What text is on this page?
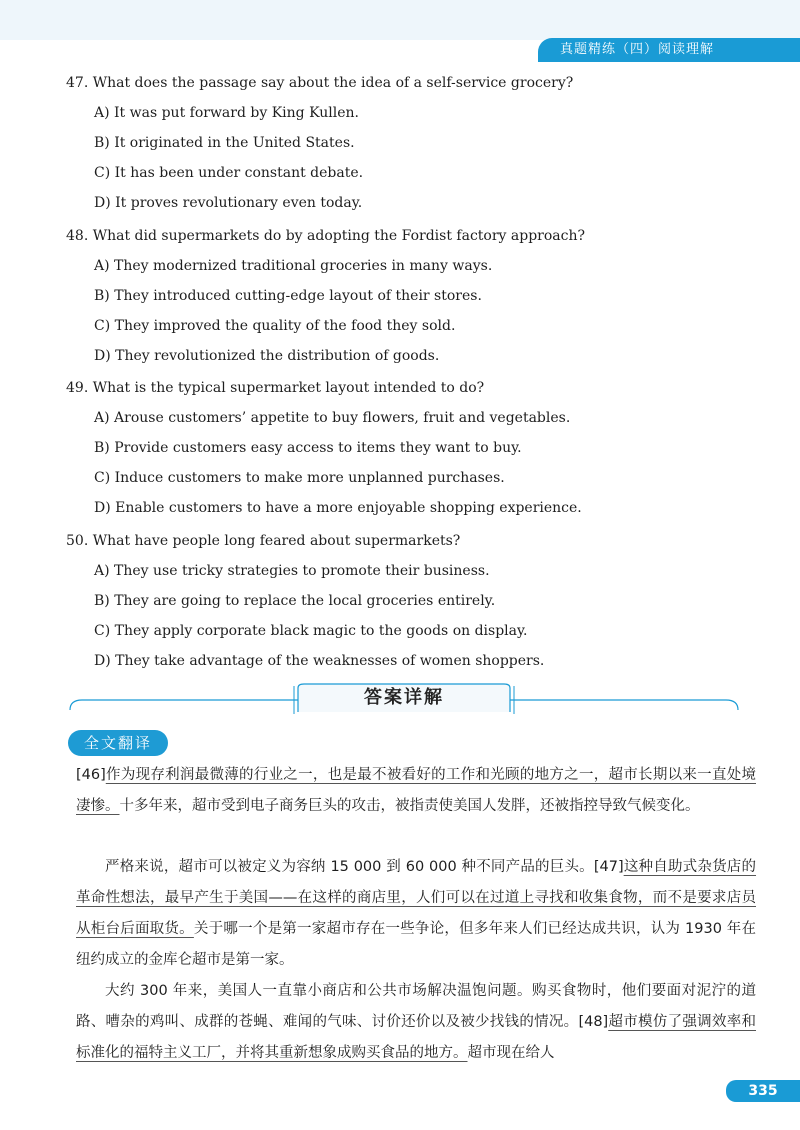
真题精练（四）阅读理解
47. What does the passage say about the idea of a self-service grocery?
A) It was put forward by King Kullen.
B) It originated in the United States.
C) It has been under constant debate.
D) It proves revolutionary even today.
48. What did supermarkets do by adopting the Fordist factory approach?
A) They modernized traditional groceries in many ways.
B) They introduced cutting-edge layout of their stores.
C) They improved the quality of the food they sold.
D) They revolutionized the distribution of goods.
49. What is the typical supermarket layout intended to do?
A) Arouse customers’ appetite to buy flowers, fruit and vegetables.
B) Provide customers easy access to items they want to buy.
C) Induce customers to make more unplanned purchases.
D) Enable customers to have a more enjoyable shopping experience.
50. What have people long feared about supermarkets?
A) They use tricky strategies to promote their business.
B) They are going to replace the local groceries entirely.
C) They apply corporate black magic to the goods on display.
D) They take advantage of the weaknesses of women shoppers.
答案详解
全文翻译
[46]作为现存利润最微薄的行业之一，也是最不被看好的工作和光顾的地方之一，超市长期以来一直处境凄惨。十多年来，超市受到电子商务巨头的攻击，被指责使美国人发胖，还被指控导致气候变化。
严格来说，超市可以被定义为容纳 15 000 到 60 000 种不同产品的巨头。[47]这种自助式杂货店的革命性想法，最早产生于美国——在这样的商店里，人们可以在过道上寻找和收集食物，而不是要求店员从柜台后面取货。关于哪一个是第一家超市存在一些争论，但多年来人们已经达成共识，认为 1930 年在纽约成立的金库仑超市是第一家。
大约 300 年来，美国人一直靠小商店和公共市场解决温饱问题。购买食物时，他们要面对泥泞的道路、嘈杂的鸡叫、成群的苍蝇、难闻的气味、讨价还价以及被少找钱的情况。[48]超市模仿了强调效率和标准化的福特主义工厂，并将其重新想象成购买食品的地方。超市现在给人
335
